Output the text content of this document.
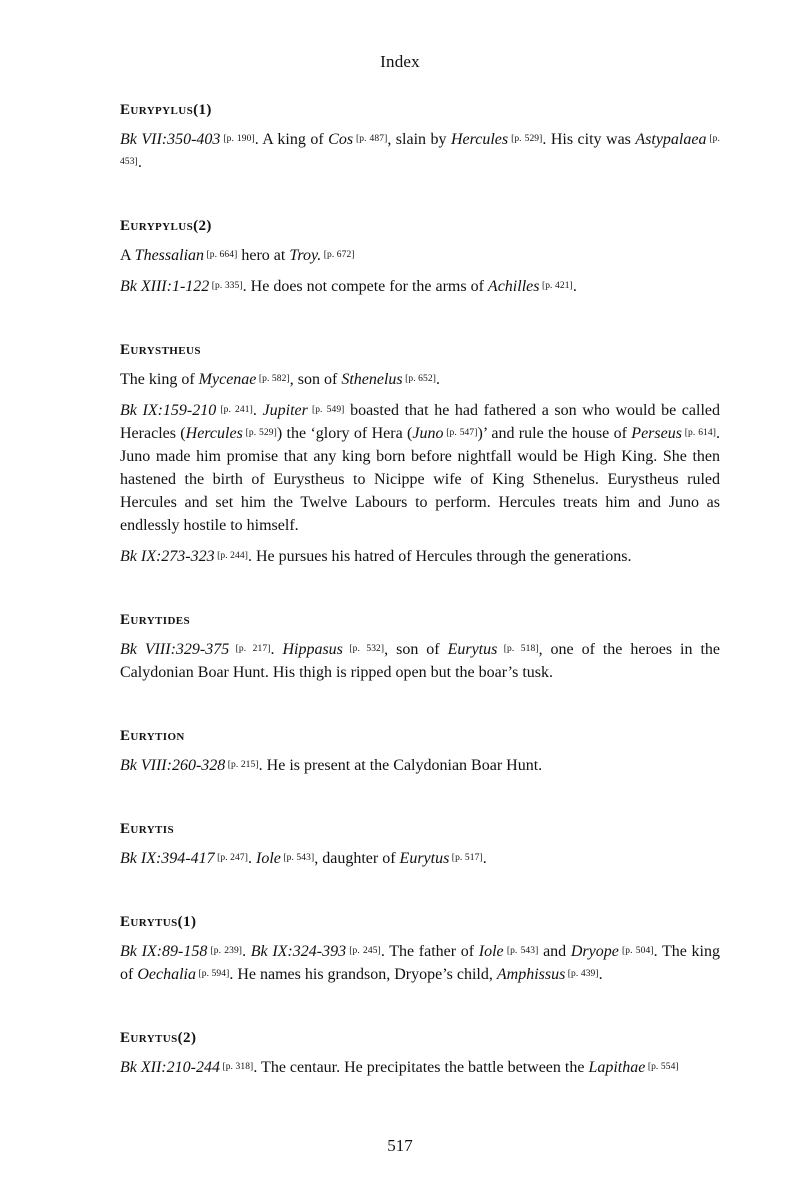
Index
Eurypylus(1)

Bk VII:350-403 [p. 190]. A king of Cos [p. 487], slain by Hercules [p. 529]. His city was Astypalaea [p. 453].

Eurypylus(2)

A Thessalian [p. 664] hero at Troy. [p. 672]

Bk XIII:1-122 [p. 335]. He does not compete for the arms of Achilles [p. 421].

Eurystheus

The king of Mycenae [p. 582], son of Sthenelus [p. 652].

Bk IX:159-210 [p. 241]. Jupiter [p. 549] boasted that he had fathered a son who would be called Heracles (Hercules [p. 529]) the ‘glory of Hera (Juno [p. 547])’ and rule the house of Perseus [p. 614]. Juno made him promise that any king born before nightfall would be High King. She then hastened the birth of Eurystheus to Nicippe wife of King Sthenelus. Eurystheus ruled Hercules and set him the Twelve Labours to perform. Hercules treats him and Juno as endlessly hostile to himself.

Bk IX:273-323 [p. 244]. He pursues his hatred of Hercules through the generations.

Eurytides

Bk VIII:329-375 [p. 217]. Hippasus [p. 532], son of Eurytus [p. 518], one of the heroes in the Calydonian Boar Hunt. His thigh is ripped open but the boar’s tusk.

Eurytion

Bk VIII:260-328 [p. 215]. He is present at the Calydonian Boar Hunt.

Eurytis

Bk IX:394-417 [p. 247]. Iole [p. 543], daughter of Eurytus [p. 517].

Eurytus(1)

Bk IX:89-158 [p. 239]. Bk IX:324-393 [p. 245]. The father of Iole [p. 543] and Dryope [p. 504]. The king of Oechalia [p. 594]. He names his grandson, Dryope’s child, Amphissus [p. 439].

Eurytus(2)

Bk XII:210-244 [p. 318]. The centaur. He precipitates the battle between the Lapithae [p. 554]

517
